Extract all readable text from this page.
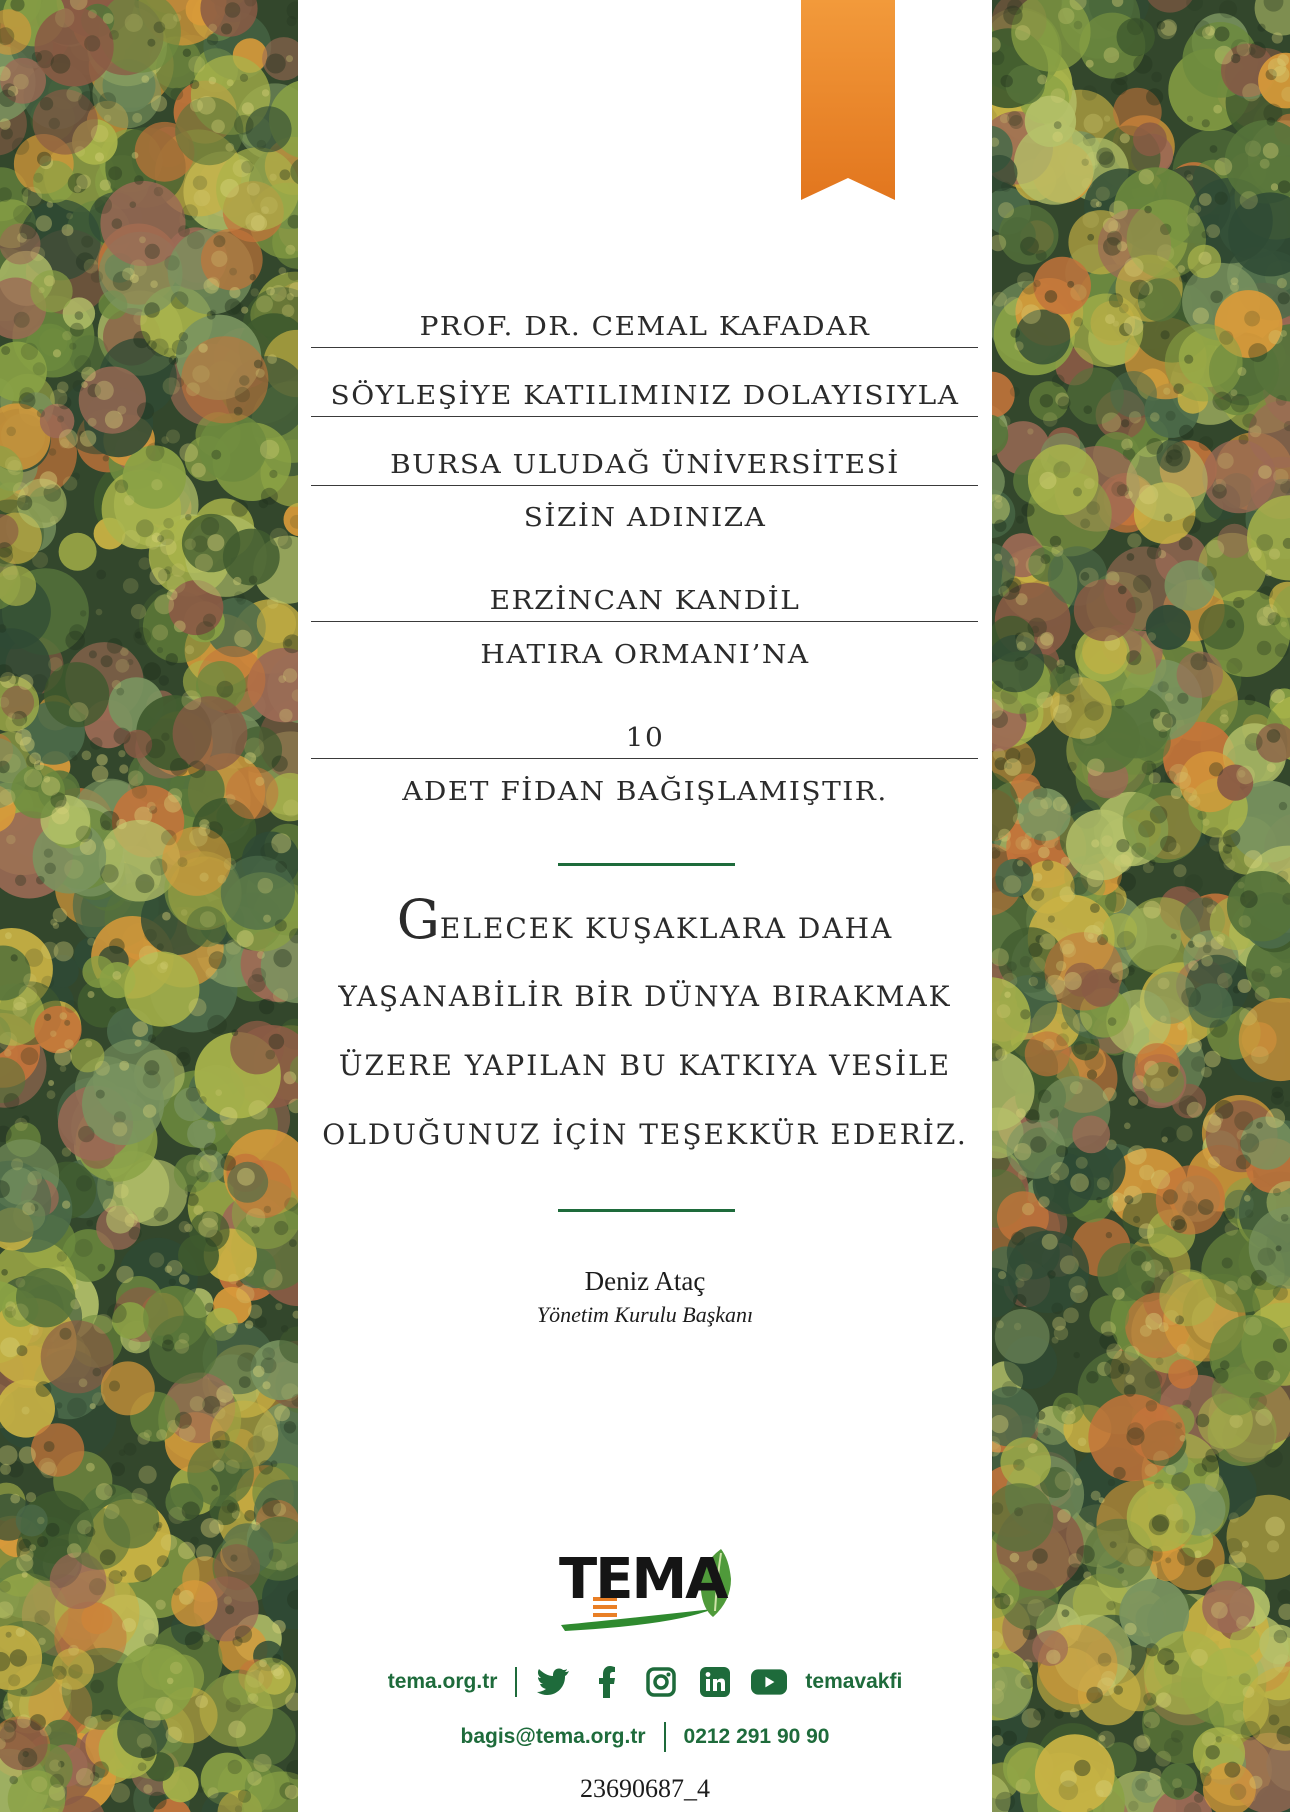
PROF. DR. CEMAL KAFADAR
SÖYLEŞİYE KATILIMINIZ DOLAYISIYLA
BURSA ULUDAĞ ÜNİVERSİTESİ
SİZİN ADINIZA
ERZİNCAN KANDİL
HATIRA ORMANI’NA
10
ADET FİDAN BAĞIŞLAMIŞTIR.
GELECEK KUŞAKLARA DAHA
YAŞANABİLİR BİR DÜNYA BIRAKMAK
ÜZERE YAPILAN BU KATKIYA VESİLE
OLDUĞUNUZ İÇİN TEŞEKKÜR EDERİZ.
Deniz Ataç
Yönetim Kurulu Başkanı
TEMA
tema.org.tr	temavakfi
bagis@tema.org.tr 0212 291 90 90
23690687_4
